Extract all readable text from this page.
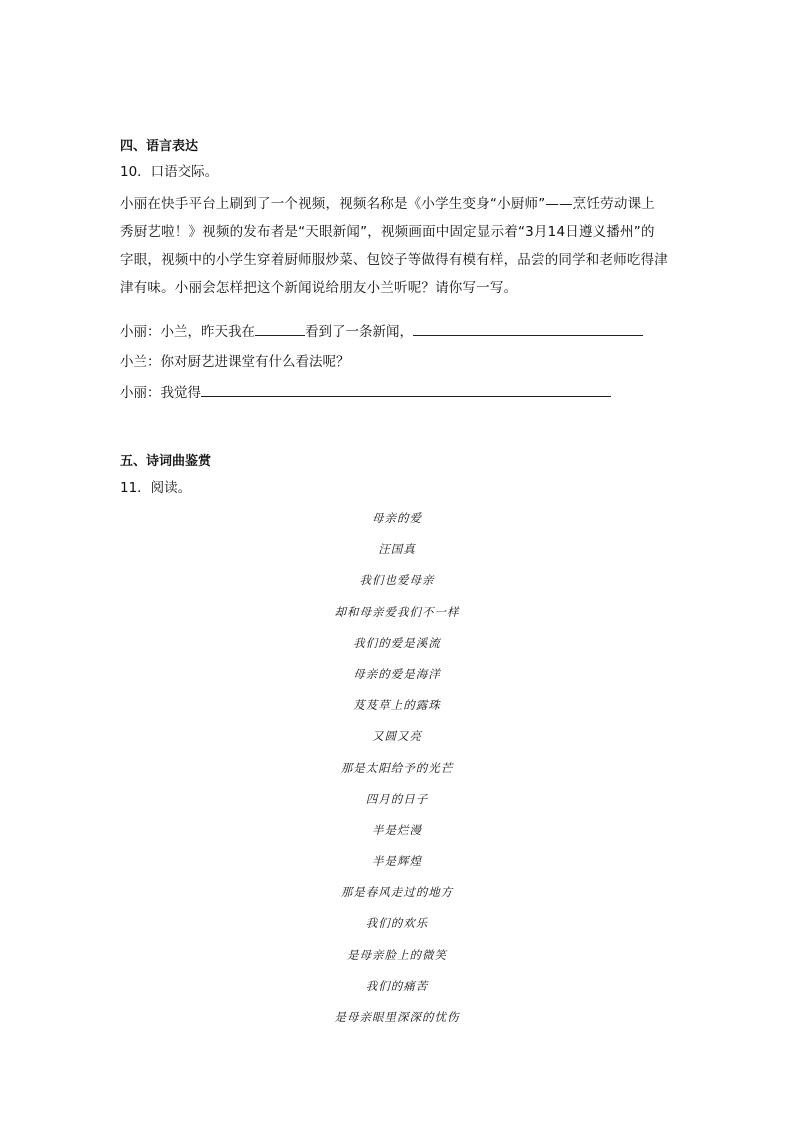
四、语言表达
10．口语交际。
小丽在快手平台上刷到了一个视频，视频名称是《小学生变身“小厨师”——烹饪劳动课上
秀厨艺啦！》视频的发布者是“天眼新闻”，视频画面中固定显示着“3月14日遵义播州”的
字眼，视频中的小学生穿着厨师服炒菜、包饺子等做得有模有样，品尝的同学和老师吃得津
津有味。小丽会怎样把这个新闻说给朋友小兰听呢？请你写一写。
小丽：小兰，昨天我在	看到了一条新闻，
小兰：你对厨艺进课堂有什么看法呢？
小丽：我觉得
五、诗词曲鉴赏
11．阅读。
母亲的爱
汪国真
我们也爱母亲
却和母亲爱我们不一样
我们的爱是溪流
母亲的爱是海洋
芨芨草上的露珠
又圆又亮
那是太阳给予的光芒
四月的日子
半是烂漫
半是辉煌
那是春风走过的地方
我们的欢乐
是母亲脸上的微笑
我们的痛苦
是母亲眼里深深的忧伤
